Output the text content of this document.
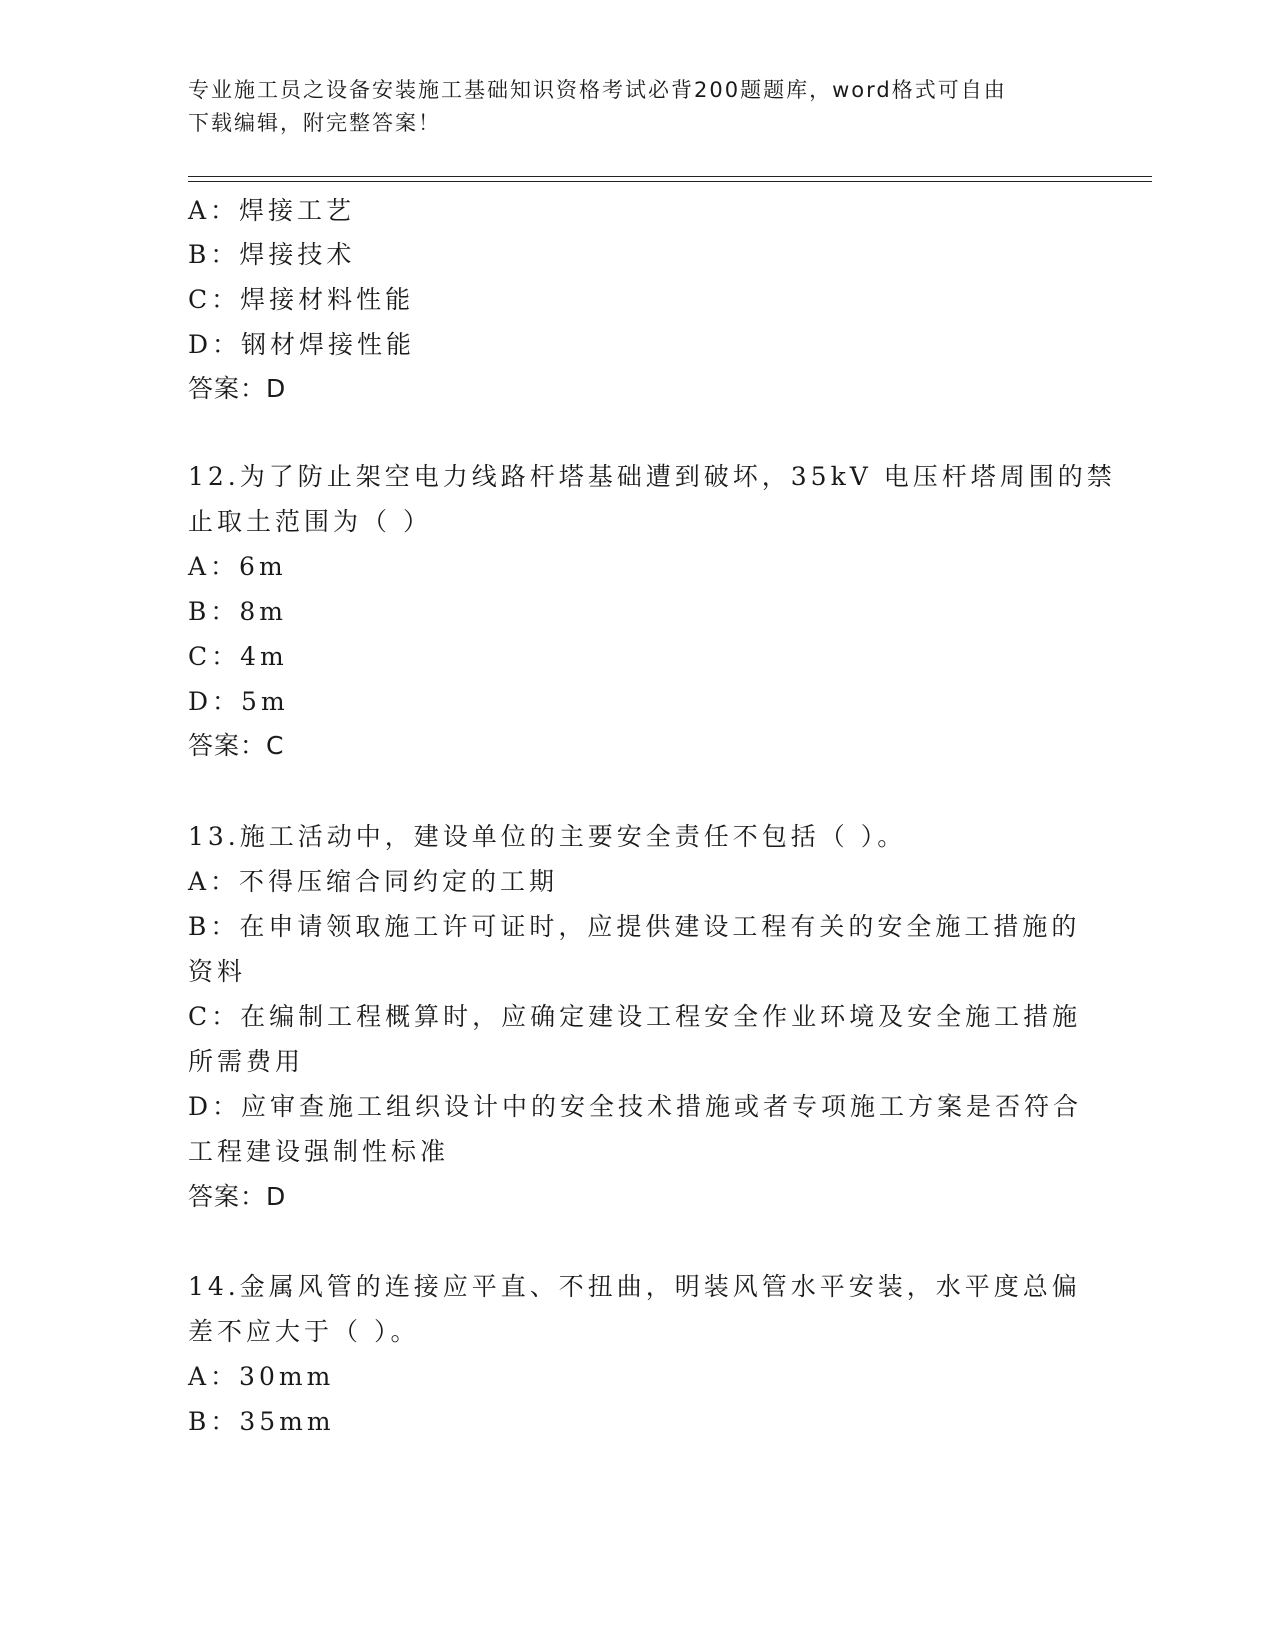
专业施工员之设备安装施工基础知识资格考试必背200题题库，word格式可自由
下载编辑，附完整答案！
A：焊接工艺
B：焊接技术
C：焊接材料性能
D：钢材焊接性能
答案：D
12.为了防止架空电力线路杆塔基础遭到破坏，35kV 电压杆塔周围的禁
止取土范围为（ ）
A：6m
B：8m
C：4m
D：5m
答案：C
13.施工活动中，建设单位的主要安全责任不包括（ ）。
A：不得压缩合同约定的工期
B：在申请领取施工许可证时，应提供建设工程有关的安全施工措施的
资料
C：在编制工程概算时，应确定建设工程安全作业环境及安全施工措施
所需费用
D：应审查施工组织设计中的安全技术措施或者专项施工方案是否符合
工程建设强制性标准
答案：D
14.金属风管的连接应平直、不扭曲，明装风管水平安装，水平度总偏
差不应大于（ ）。
A：30mm
B：35mm
